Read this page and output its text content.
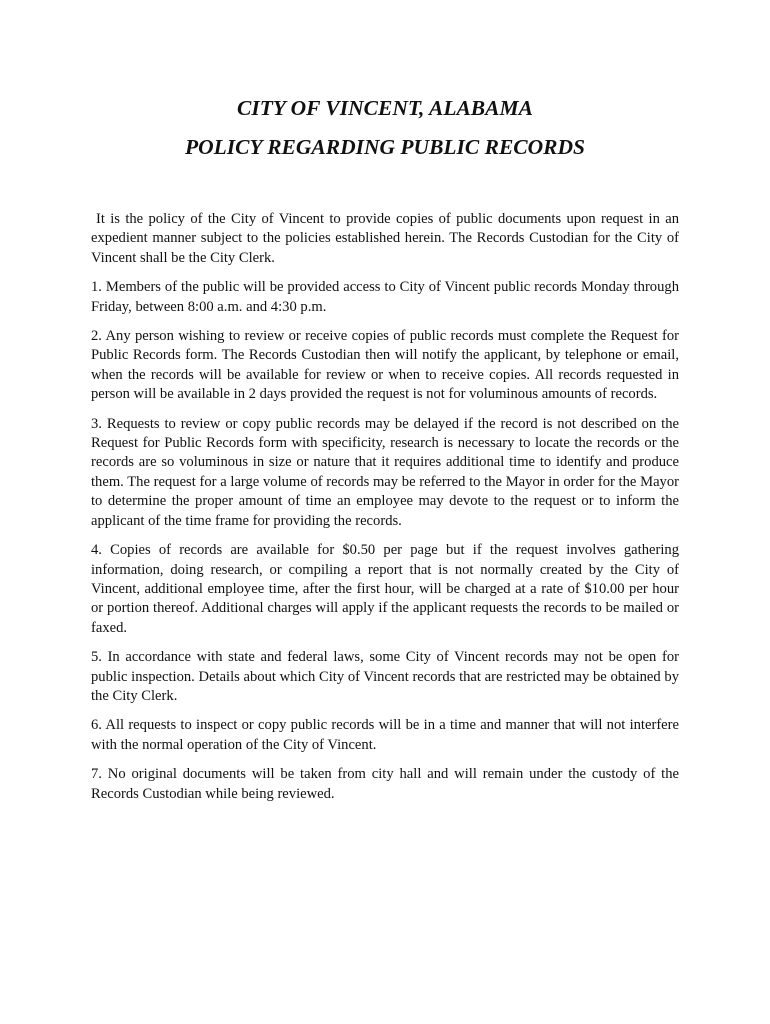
CITY OF VINCENT, ALABAMA
POLICY REGARDING PUBLIC RECORDS

It is the policy of the City of Vincent to provide copies of public documents upon request in an expedient manner subject to the policies established herein. The Records Custodian for the City of Vincent shall be the City Clerk.

1. Members of the public will be provided access to City of Vincent public records Monday through Friday, between 8:00 a.m. and 4:30 p.m.

2. Any person wishing to review or receive copies of public records must complete the Request for Public Records form. The Records Custodian then will notify the applicant, by telephone or email, when the records will be available for review or when to receive copies. All records requested in person will be available in 2 days provided the request is not for voluminous amounts of records.

3. Requests to review or copy public records may be delayed if the record is not described on the Request for Public Records form with specificity, research is necessary to locate the records or the records are so voluminous in size or nature that it requires additional time to identify and produce them. The request for a large volume of records may be referred to the Mayor in order for the Mayor to determine the proper amount of time an employee may devote to the request or to inform the applicant of the time frame for providing the records.

4. Copies of records are available for $0.50 per page but if the request involves gathering information, doing research, or compiling a report that is not normally created by the City of Vincent, additional employee time, after the first hour, will be charged at a rate of $10.00 per hour or portion thereof. Additional charges will apply if the applicant requests the records to be mailed or faxed.

5. In accordance with state and federal laws, some City of Vincent records may not be open for public inspection. Details about which City of Vincent records that are restricted may be obtained by the City Clerk.

6. All requests to inspect or copy public records will be in a time and manner that will not interfere with the normal operation of the City of Vincent.

7. No original documents will be taken from city hall and will remain under the custody of the Records Custodian while being reviewed.
